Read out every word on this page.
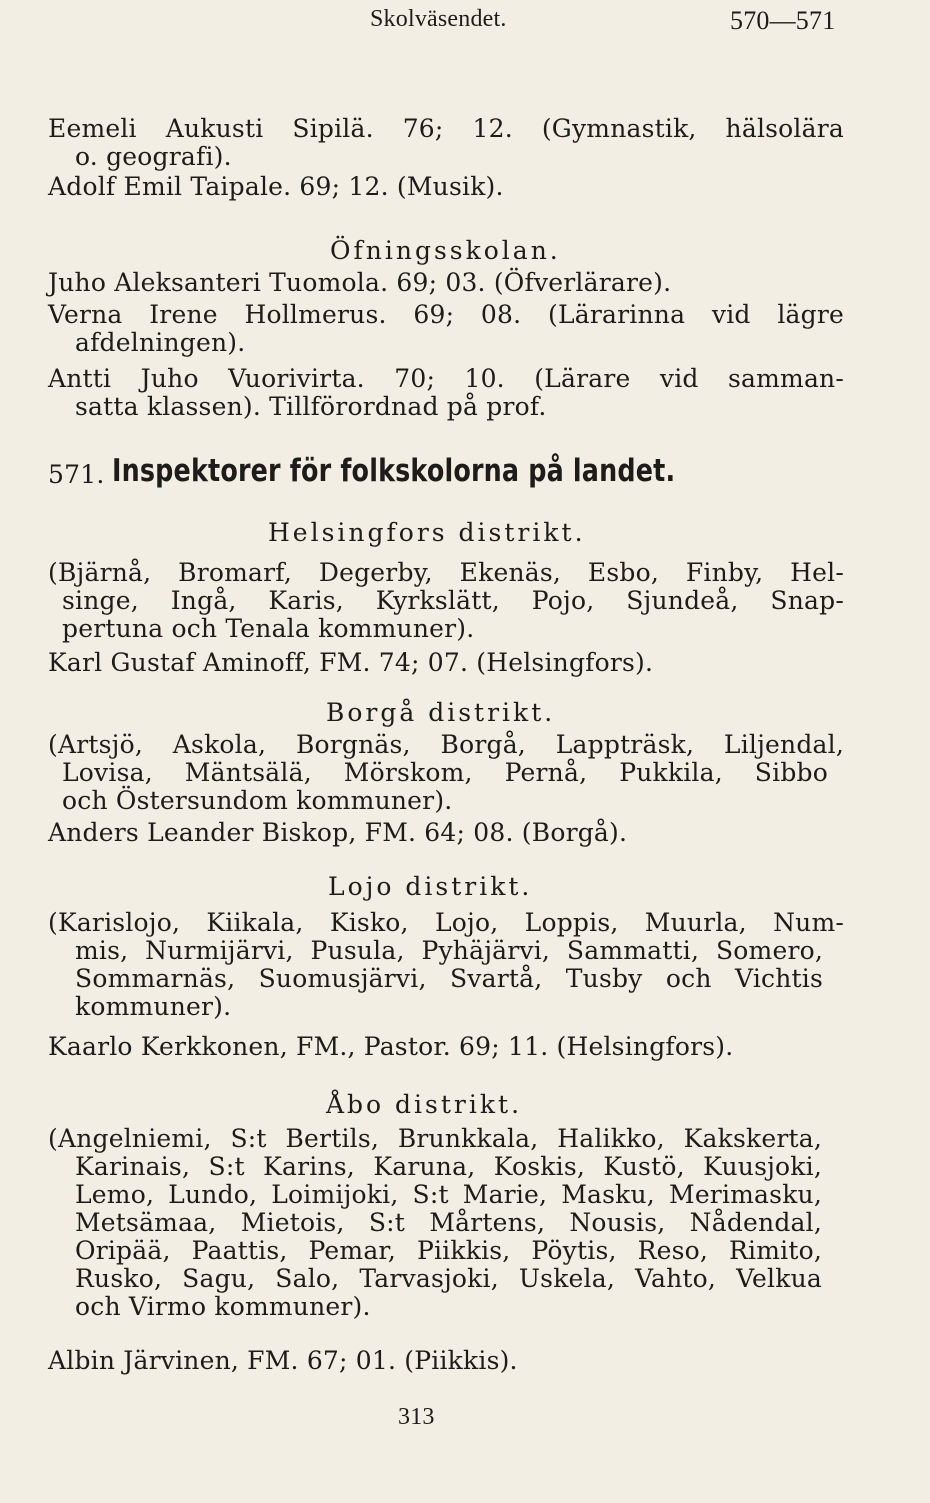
Skolväsendet.	570—571
Eemeli Aukusti Sipilä. 76; 12. (Gymnastik, hälsolära
o. geografi).
Adolf Emil Taipale. 69; 12. (Musik).
Öfningsskolan.
Juho Aleksanteri Tuomola. 69; 03. (Öfverlärare).
Verna Irene Hollmerus. 69; 08. (Lärarinna vid lägre
afdelningen).
Antti Juho Vuorivirta. 70; 10. (Lärare vid samman-
satta klassen). Tillförordnad på prof.
571. Inspektorer för folkskolorna på landet.
Helsingfors distrikt.
(Bjärnå, Bromarf, Degerby, Ekenäs, Esbo, Finby, Hel-
singe, Ingå, Karis, Kyrkslätt, Pojo, Sjundeå, Snap-
pertuna och Tenala kommuner).
Karl Gustaf Aminoff, FM. 74; 07. (Helsingfors).
Borgå distrikt.
(Artsjö, Askola, Borgnäs, Borgå, Lappträsk, Liljendal,
Lovisa, Mäntsälä, Mörskom, Pernå, Pukkila, Sibbo
och Östersundom kommuner).
Anders Leander Biskop, FM. 64; 08. (Borgå).
Lojo distrikt.
(Karislojo, Kiikala, Kisko, Lojo, Loppis, Muurla, Num-
mis, Nurmijärvi, Pusula, Pyhäjärvi, Sammatti, Somero,
Sommarnäs, Suomusjärvi, Svartå, Tusby och Vichtis
kommuner).
Kaarlo Kerkkonen, FM., Pastor. 69; 11. (Helsingfors).
Åbo distrikt.
(Angelniemi, S:t Bertils, Brunkkala, Halikko, Kakskerta,
Karinais, S:t Karins, Karuna, Koskis, Kustö, Kuusjoki,
Lemo, Lundo, Loimijoki, S:t Marie, Masku, Merimasku,
Metsämaa, Mietois, S:t Mårtens, Nousis, Nådendal,
Oripää, Paattis, Pemar, Piikkis, Pöytis, Reso, Rimito,
Rusko, Sagu, Salo, Tarvasjoki, Uskela, Vahto, Velkua
och Virmo kommuner).
Albin Järvinen, FM. 67; 01. (Piikkis).
313
